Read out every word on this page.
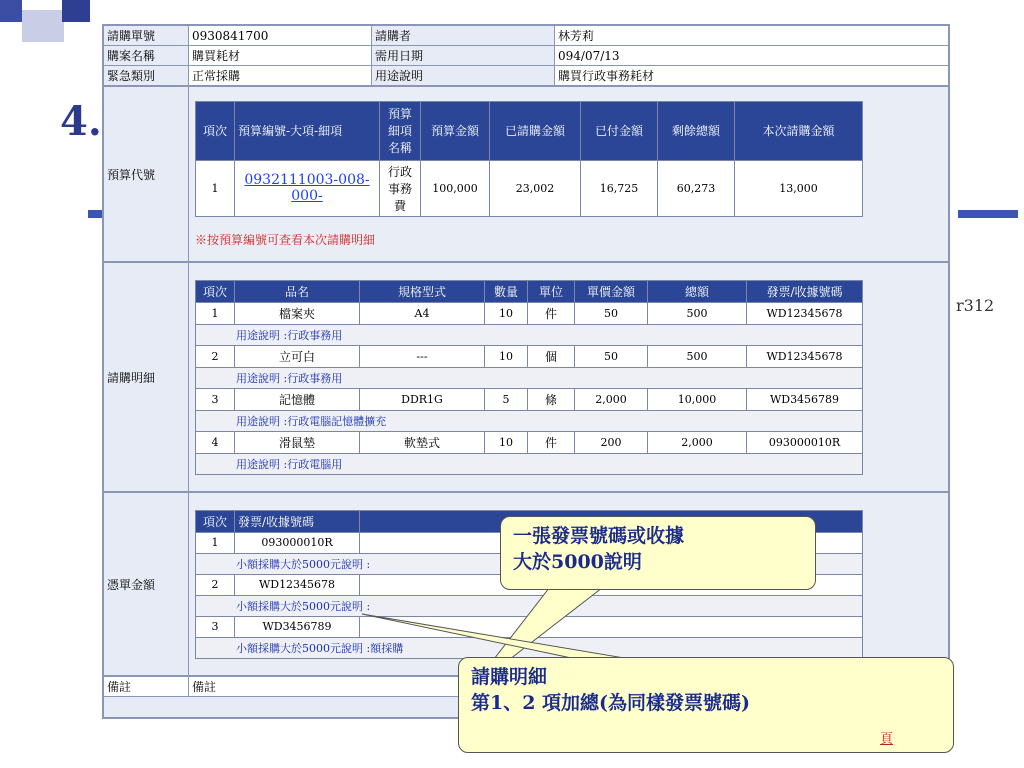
4.
r312
請購單號	0930841700	請購者	林芳莉
購案名稱	購買耗材	需用日期	094/07/13
緊急類別	正常採購	用途說明	購買行政事務耗材
預算代號	
項次	預算編號-大項-細項	預算細項名稱	預算金額	已請購金額	已付金額	剩餘總額	本次請購金額
1	0932111003-008-000-	行政事務費	100,000	23,002	16,725	60,273	13,000
※按預算編號可查看本次請購明細
請購明細	
項次	品名	規格型式	數量	單位	單價金額	總額	發票/收據號碼
1	檔案夾	A4	10	件	50	500	WD12345678
用途說明 :行政事務用
2	立可白	---	10	個	50	500	WD12345678
用途說明 :行政事務用
3	記憶體	DDR1G	5	條	2,000	10,000	WD3456789
用途說明 :行政電腦記憶體擴充
4	滑鼠墊	軟墊式	10	件	200	2,000	093000010R
用途說明 :行政電腦用
憑單金額	
項次	發票/收據號碼	
1	093000010R	
小額採購大於5000元說明 :
2	WD12345678	
小額採購大於5000元說明 :
3	WD3456789	
小額採購大於5000元說明 :額採購
備註	備註

一張發票號碼或收據
大於5000說明
請購明細
第1、2 項加總(為同樣發票號碼)
頁
